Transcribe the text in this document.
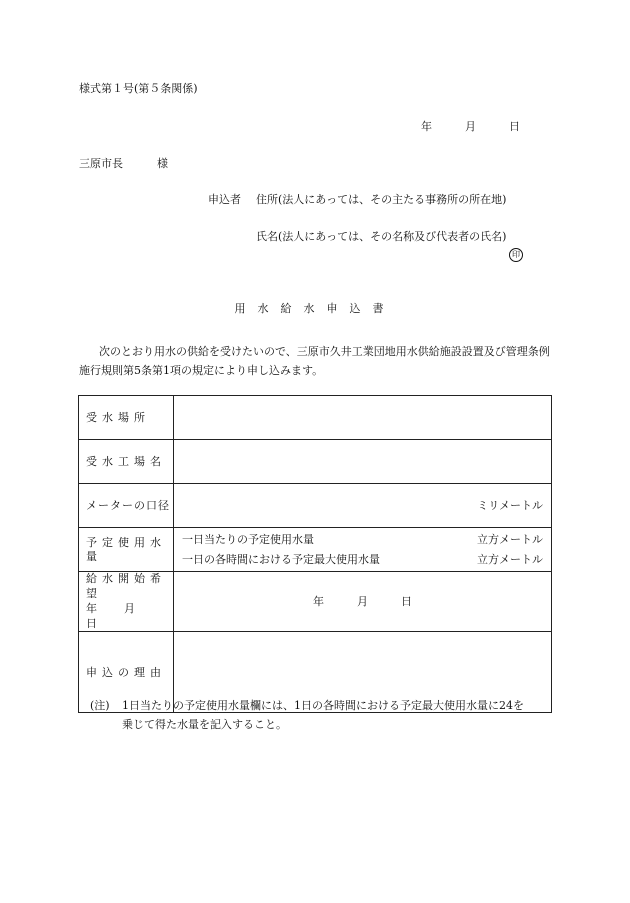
様式第１号(第５条関係)
年	月	日
三原市長	様
申込者 住所(法人にあっては、その主たる事務所の所在地)
氏名(法人にあっては、その名称及び代表者の氏名)
印
用水給水申込書
次のとおり用水の供給を受けたいので、三原市久井工業団地用水供給施設設置及び管理条例施行規則第5条第1項の規定により申し込みます。
受水場所	
受水工場名	
メーターの口径	ミリメートル

予定使用水量	一日当たりの予定使用水量 立方メートル
一日の各時間における予定最大使用水量 立方メートル

給水開始希望
年 月日	年 月 日
申込の理由	
(注) 1日当たりの予定使用水量欄には、1日の各時間における予定最大使用水量に24を
乗じて得た水量を記入すること。
